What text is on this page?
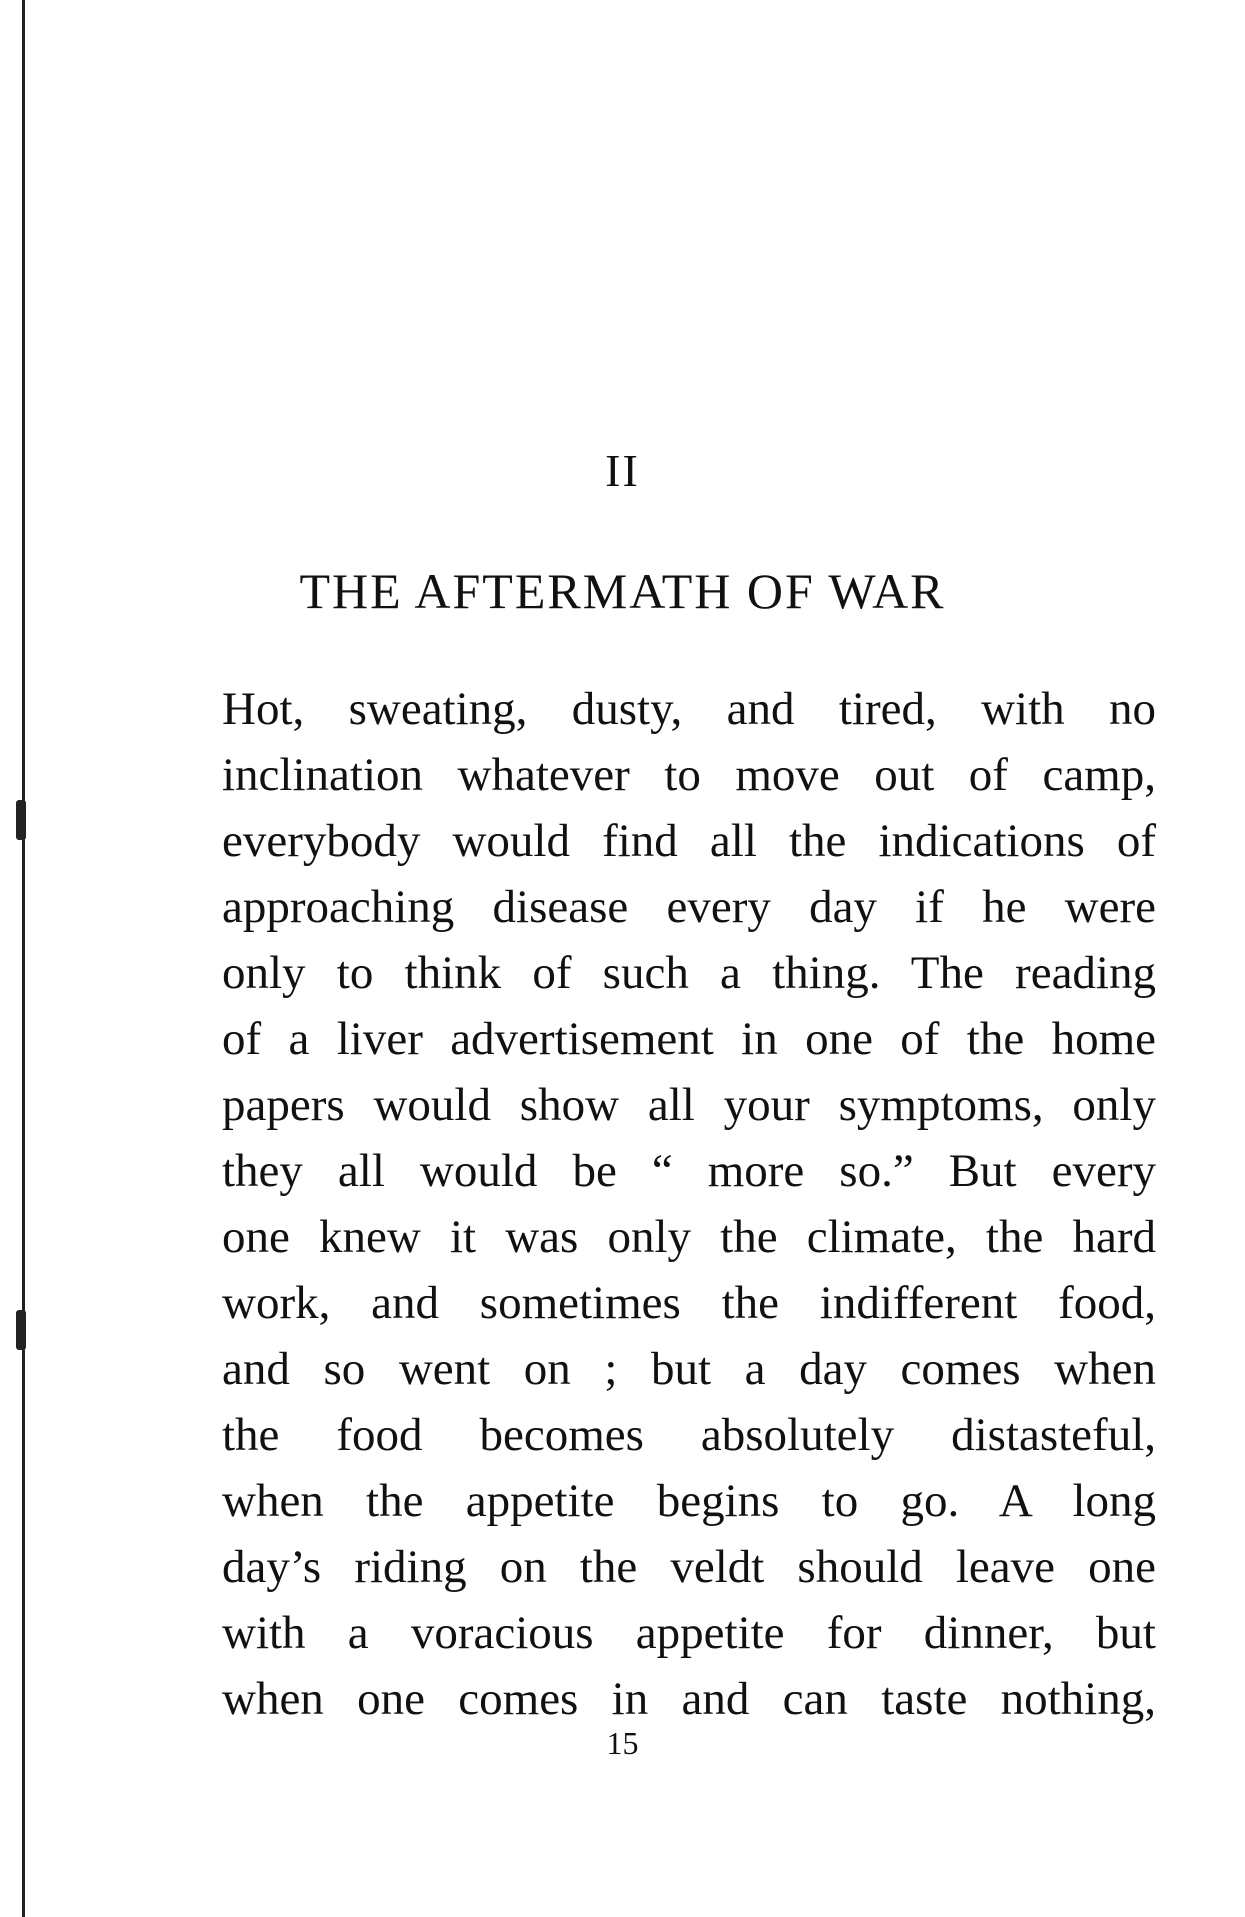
II
THE AFTERMATH OF WAR
Hot, sweating, dusty, and tired, with no
inclination whatever to move out of camp,
everybody would find all the indications of
approaching disease every day if he were
only to think of such a thing. The reading
of a liver advertisement in one of the home
papers would show all your symptoms, only
they all would be “ more so.” But every
one knew it was only the climate, the hard
work, and sometimes the indifferent food,
and so went on ; but a day comes when
the food becomes absolutely distasteful,
when the appetite begins to go. A long
day’s riding on the veldt should leave one
with a voracious appetite for dinner, but
when one comes in and can taste nothing,
15
